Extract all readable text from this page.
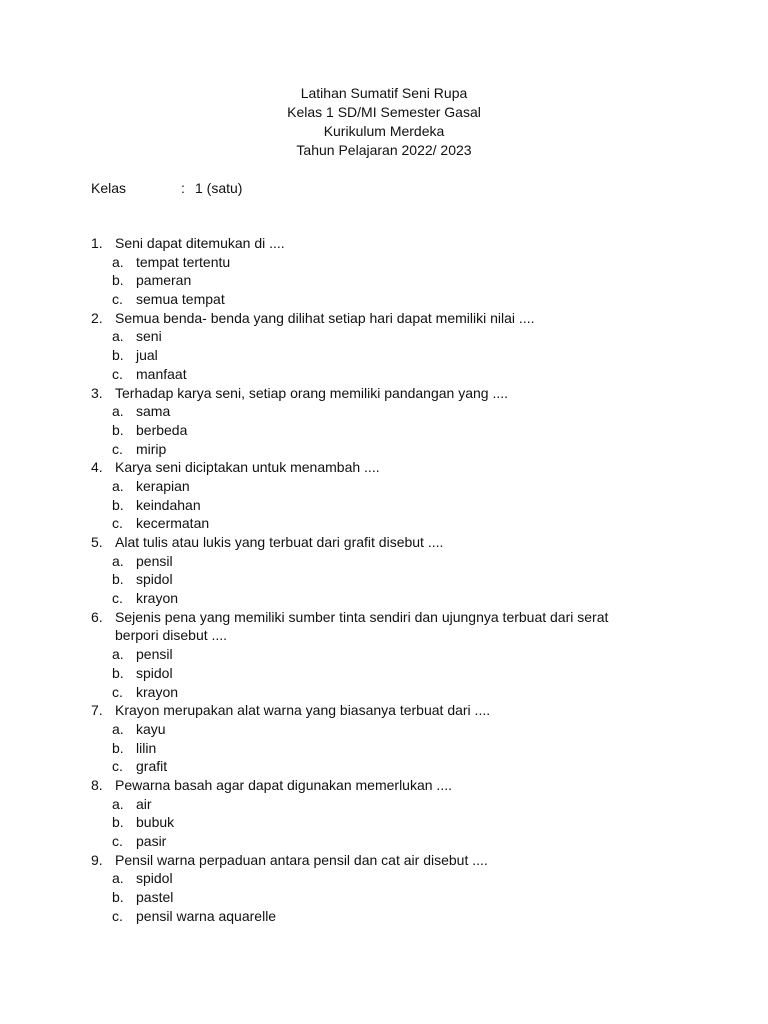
Latihan Sumatif Seni Rupa
Kelas 1 SD/MI Semester Gasal
Kurikulum Merdeka
Tahun Pelajaran 2022/ 2023
Kelas	: 1 (satu)
1. Seni dapat ditemukan di ....
a. tempat tertentu
b. pameran
c. semua tempat
2. Semua benda- benda yang dilihat setiap hari dapat memiliki nilai ....
a. seni
b. jual
c. manfaat
3. Terhadap karya seni, setiap orang memiliki pandangan yang ....
a. sama
b. berbeda
c. mirip
4. Karya seni diciptakan untuk menambah ....
a. kerapian
b. keindahan
c. kecermatan
5. Alat tulis atau lukis yang terbuat dari grafit disebut ....
a. pensil
b. spidol
c. krayon
6. Sejenis pena yang memiliki sumber tinta sendiri dan ujungnya terbuat dari serat berpori disebut ....
a. pensil
b. spidol
c. krayon
7. Krayon merupakan alat warna yang biasanya terbuat dari ....
a. kayu
b. lilin
c. grafit
8. Pewarna basah agar dapat digunakan memerlukan ....
a. air
b. bubuk
c. pasir
9. Pensil warna perpaduan antara pensil dan cat air disebut ....
a. spidol
b. pastel
c. pensil warna aquarelle
